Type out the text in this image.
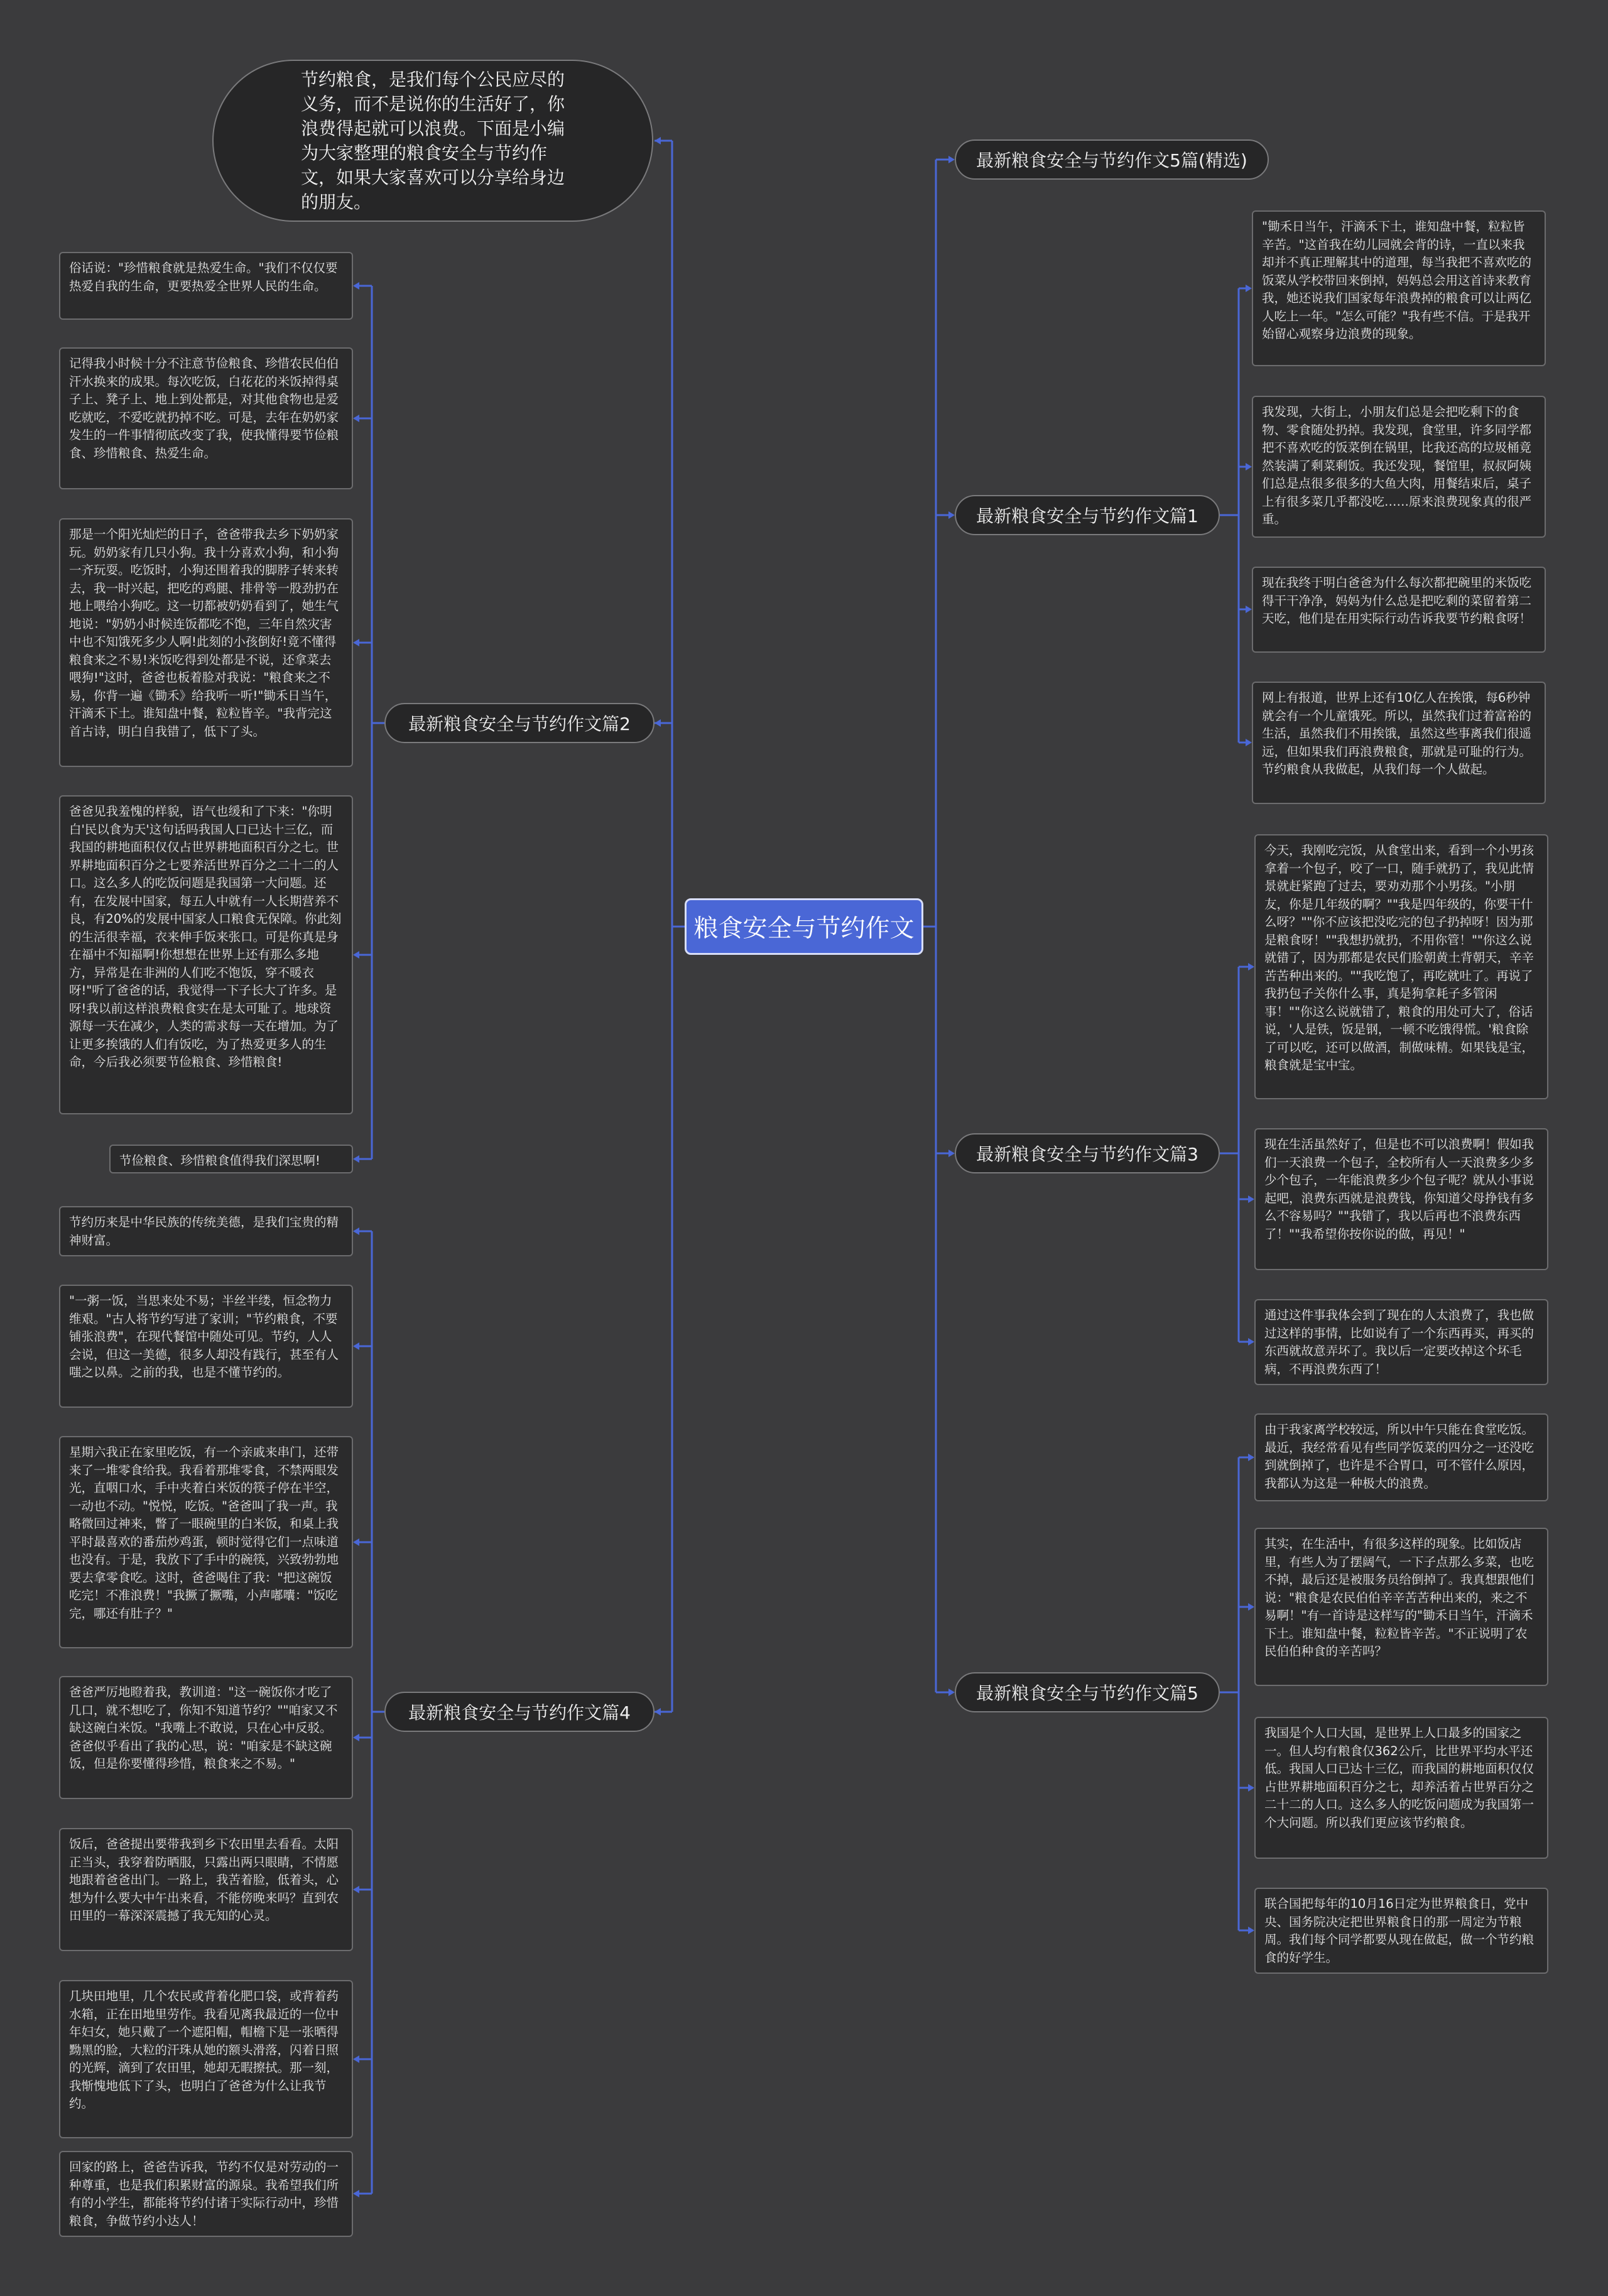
粮食安全与节约作文
节约粮食，是我们每个公民应尽的义务，而不是说你的生活好了，你浪费得起就可以浪费。下面是小编为大家整理的粮食安全与节约作文，如果大家喜欢可以分享给身边的朋友。
最新粮食安全与节约作文5篇(精选)
最新粮食安全与节约作文篇1
最新粮食安全与节约作文篇3
最新粮食安全与节约作文篇5
最新粮食安全与节约作文篇2
最新粮食安全与节约作文篇4
"锄禾日当午，汗滴禾下土，谁知盘中餐，粒粒皆辛苦。"这首我在幼儿园就会背的诗，一直以来我却并不真正理解其中的道理，每当我把不喜欢吃的饭菜从学校带回来倒掉，妈妈总会用这首诗来教育我，她还说我们国家每年浪费掉的粮食可以让两亿人吃上一年。"怎么可能？"我有些不信。于是我开始留心观察身边浪费的现象。
我发现，大街上，小朋友们总是会把吃剩下的食物、零食随处扔掉。我发现，食堂里，许多同学都把不喜欢吃的饭菜倒在锅里，比我还高的垃圾桶竟然装满了剩菜剩饭。我还发现，餐馆里，叔叔阿姨们总是点很多很多的大鱼大肉，用餐结束后，桌子上有很多菜几乎都没吃……原来浪费现象真的很严重。
现在我终于明白爸爸为什么每次都把碗里的米饭吃得干干净净，妈妈为什么总是把吃剩的菜留着第二天吃，他们是在用实际行动告诉我要节约粮食呀！
网上有报道，世界上还有10亿人在挨饿，每6秒钟就会有一个儿童饿死。所以，虽然我们过着富裕的生活，虽然我们不用挨饿，虽然这些事离我们很遥远，但如果我们再浪费粮食，那就是可耻的行为。节约粮食从我做起，从我们每一个人做起。
今天，我刚吃完饭，从食堂出来，看到一个小男孩拿着一个包子，咬了一口，随手就扔了，我见此情景就赶紧跑了过去，要劝劝那个小男孩。"小朋友，你是几年级的啊？""我是四年级的，你要干什么呀？""你不应该把没吃完的包子扔掉呀！因为那是粮食呀！""我想扔就扔，不用你管！""你这么说就错了，因为那都是农民们脸朝黄土背朝天，辛辛苦苦种出来的。""我吃饱了，再吃就吐了。再说了我扔包子关你什么事，真是狗拿耗子多管闲事！""你这么说就错了，粮食的用处可大了，俗话说，'人是铁，饭是钢，一顿不吃饿得慌。'粮食除了可以吃，还可以做酒，制做味精。如果钱是宝，粮食就是宝中宝。
现在生活虽然好了，但是也不可以浪费啊！假如我们一天浪费一个包子，全校所有人一天浪费多少多少个包子，一年能浪费多少个包子呢？就从小事说起吧，浪费东西就是浪费钱，你知道父母挣钱有多么不容易吗？""我错了，我以后再也不浪费东西了！""我希望你按你说的做，再见！"
通过这件事我体会到了现在的人太浪费了，我也做过这样的事情，比如说有了一个东西再买，再买的东西就故意弄坏了。我以后一定要改掉这个坏毛病，不再浪费东西了！
由于我家离学校较远，所以中午只能在食堂吃饭。最近，我经常看见有些同学饭菜的四分之一还没吃到就倒掉了，也许是不合胃口，可不管什么原因，我都认为这是一种极大的浪费。
其实，在生活中，有很多这样的现象。比如饭店里，有些人为了摆阔气，一下子点那么多菜，也吃不掉，最后还是被服务员给倒掉了。我真想跟他们说："粮食是农民伯伯辛辛苦苦种出来的，来之不易啊！"有一首诗是这样写的"锄禾日当午，汗滴禾下土。谁知盘中餐，粒粒皆辛苦。"不正说明了农民伯伯种食的辛苦吗？
我国是个人口大国，是世界上人口最多的国家之一。但人均有粮食仅362公斤，比世界平均水平还低。我国人口已达十三亿，而我国的耕地面积仅仅占世界耕地面积百分之七，却养活着占世界百分之二十二的人口。这么多人的吃饭问题成为我国第一个大问题。所以我们更应该节约粮食。
联合国把每年的10月16日定为世界粮食日，党中央、国务院决定把世界粮食日的那一周定为节粮周。我们每个同学都要从现在做起，做一个节约粮食的好学生。
俗话说："珍惜粮食就是热爱生命。"我们不仅仅要热爱自我的生命，更要热爱全世界人民的生命。
记得我小时候十分不注意节俭粮食、珍惜农民伯伯汗水换来的成果。每次吃饭，白花花的米饭掉得桌子上、凳子上、地上到处都是，对其他食物也是爱吃就吃，不爱吃就扔掉不吃。可是，去年在奶奶家发生的一件事情彻底改变了我，使我懂得要节俭粮食、珍惜粮食、热爱生命。
那是一个阳光灿烂的日子，爸爸带我去乡下奶奶家玩。奶奶家有几只小狗。我十分喜欢小狗，和小狗一齐玩耍。吃饭时，小狗还围着我的脚脖子转来转去，我一时兴起，把吃的鸡腿、排骨等一股劲扔在地上喂给小狗吃。这一切都被奶奶看到了，她生气地说："奶奶小时候连饭都吃不饱，三年自然灾害中也不知饿死多少人啊!此刻的小孩倒好!竟不懂得粮食来之不易!米饭吃得到处都是不说，还拿菜去喂狗!"这时，爸爸也板着脸对我说："粮食来之不易，你背一遍《锄禾》给我听一听!"锄禾日当午，汗滴禾下土。谁知盘中餐，粒粒皆辛。"我背完这首古诗，明白自我错了，低下了头。
爸爸见我羞愧的样貌，语气也缓和了下来："你明白'民以食为天'这句话吗我国人口已达十三亿，而我国的耕地面积仅仅占世界耕地面积百分之七。世界耕地面积百分之七要养活世界百分之二十二的人口。这么多人的吃饭问题是我国第一大问题。还有，在发展中国家，每五人中就有一人长期营养不良，有20%的发展中国家人口粮食无保障。你此刻的生活很幸福，衣来伸手饭来张口。可是你真是身在福中不知福啊!你想想在世界上还有那么多地方，异常是在非洲的人们吃不饱饭，穿不暖衣呀!"听了爸爸的话，我觉得一下子长大了许多。是呀!我以前这样浪费粮食实在是太可耻了。地球资源每一天在减少，人类的需求每一天在增加。为了让更多挨饿的人们有饭吃，为了热爱更多人的生命，今后我必须要节俭粮食、珍惜粮食!
节俭粮食、珍惜粮食值得我们深思啊!
节约历来是中华民族的传统美德，是我们宝贵的精神财富。
"一粥一饭，当思来处不易；半丝半缕，恒念物力维艰。"古人将节约写进了家训；"节约粮食，不要铺张浪费"，在现代餐馆中随处可见。节约，人人会说，但这一美德，很多人却没有践行，甚至有人嗤之以鼻。之前的我，也是不懂节约的。
星期六我正在家里吃饭，有一个亲戚来串门，还带来了一堆零食给我。我看着那堆零食，不禁两眼发光，直咽口水，手中夹着白米饭的筷子停在半空，一动也不动。"悦悦，吃饭。"爸爸叫了我一声。我略微回过神来，瞥了一眼碗里的白米饭，和桌上我平时最喜欢的番茄炒鸡蛋，顿时觉得它们一点味道也没有。于是，我放下了手中的碗筷，兴致勃勃地要去拿零食吃。这时，爸爸喝住了我："把这碗饭吃完！不准浪费！"我撅了撅嘴，小声嘟囔："饭吃完，哪还有肚子？"
爸爸严厉地瞪着我，教训道："这一碗饭你才吃了几口，就不想吃了，你知不知道节约？""咱家又不缺这碗白米饭。"我嘴上不敢说，只在心中反驳。爸爸似乎看出了我的心思，说："咱家是不缺这碗饭，但是你要懂得珍惜，粮食来之不易。"
饭后，爸爸提出要带我到乡下农田里去看看。太阳正当头，我穿着防晒服，只露出两只眼睛，不情愿地跟着爸爸出门。一路上，我苦着脸，低着头，心想为什么要大中午出来看，不能傍晚来吗？直到农田里的一幕深深震撼了我无知的心灵。
几块田地里，几个农民或背着化肥口袋，或背着药水箱，正在田地里劳作。我看见离我最近的一位中年妇女，她只戴了一个遮阳帽，帽檐下是一张晒得黝黑的脸，大粒的汗珠从她的额头滑落，闪着日照的光辉，滴到了农田里，她却无暇擦拭。那一刻，我惭愧地低下了头，也明白了爸爸为什么让我节约。
回家的路上，爸爸告诉我，节约不仅是对劳动的一种尊重，也是我们积累财富的源泉。我希望我们所有的小学生，都能将节约付诸于实际行动中，珍惜粮食，争做节约小达人！
